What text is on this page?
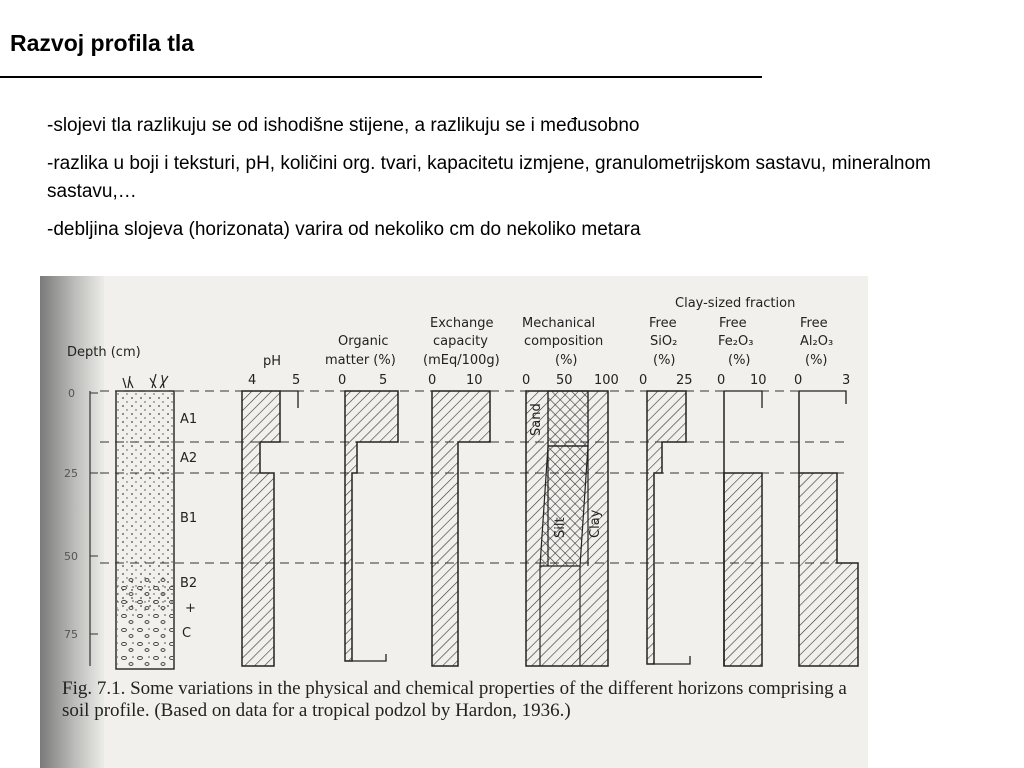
Razvoj profila tla

-slojevi tla razlikuju se od ishodišne stijene, a razlikuju se i međusobno

-razlika u boji i teksturi, pH, količini org. tvari, kapacitetu izmjene, granulometrijskom sastavu, mineralnom sastavu,…

-debljina slojeva (horizonata) varira od nekoliko cm do nekoliko metara

Depth (cm)
0
25
50
75
A1
A2
B1
B2
+
C
Clay-sized fraction
pH
Organic
matter (%)
Exchange
capacity
(mEq/100g)
Mechanical
composition
(%)
Free
SiO₂
(%)
Free
Fe₂O₃
(%)
Free
Al₂O₃
(%)
4	5	0	5	0 10	0 50 100 0 25 0 10 0	3
Sand
Silt Clay
Fig. 7.1. Some variations in the physical and chemical properties of the different horizons comprising a soil profile. (Based on data for a tropical podzol by Hardon, 1936.)
